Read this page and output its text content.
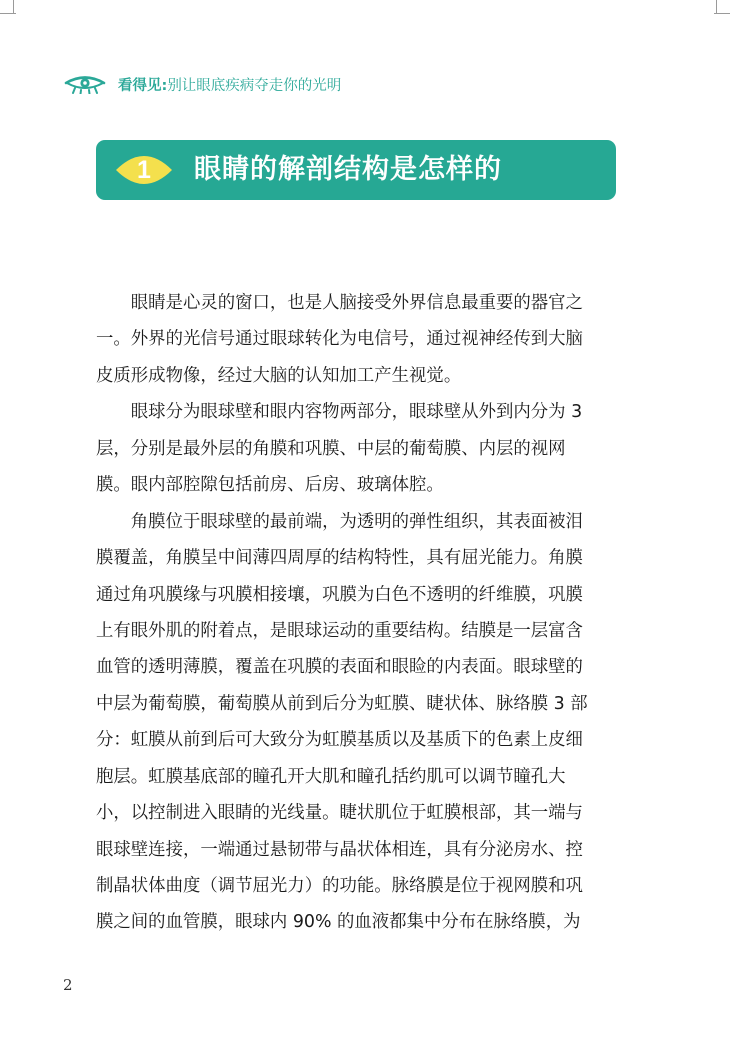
看得见:别让眼底疾病夺走你的光明
1	眼睛的解剖结构是怎样的
　　眼睛是心灵的窗口，也是人脑接受外界信息最重要的器官之
一。外界的光信号通过眼球转化为电信号，通过视神经传到大脑
皮质形成物像，经过大脑的认知加工产生视觉。
　　眼球分为眼球壁和眼内容物两部分，眼球壁从外到内分为 3
层，分别是最外层的角膜和巩膜、中层的葡萄膜、内层的视网
膜。眼内部腔隙包括前房、后房、玻璃体腔。
　　角膜位于眼球壁的最前端，为透明的弹性组织，其表面被泪
膜覆盖，角膜呈中间薄四周厚的结构特性，具有屈光能力。角膜
通过角巩膜缘与巩膜相接壤，巩膜为白色不透明的纤维膜，巩膜
上有眼外肌的附着点，是眼球运动的重要结构。结膜是一层富含
血管的透明薄膜，覆盖在巩膜的表面和眼睑的内表面。眼球壁的
中层为葡萄膜，葡萄膜从前到后分为虹膜、睫状体、脉络膜 3 部
分：虹膜从前到后可大致分为虹膜基质以及基质下的色素上皮细
胞层。虹膜基底部的瞳孔开大肌和瞳孔括约肌可以调节瞳孔大
小，以控制进入眼睛的光线量。睫状肌位于虹膜根部，其一端与
眼球壁连接，一端通过悬韧带与晶状体相连，具有分泌房水、控
制晶状体曲度（调节屈光力）的功能。脉络膜是位于视网膜和巩
膜之间的血管膜，眼球内 90% 的血液都集中分布在脉络膜，为
2
